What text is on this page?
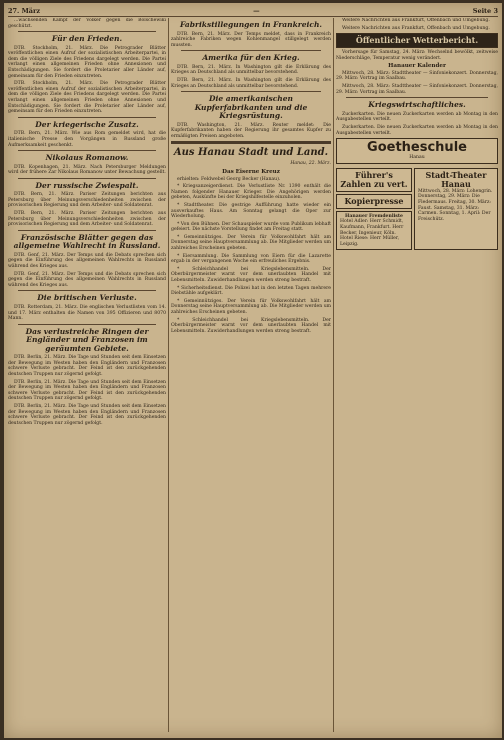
27. März	—	Seite 3

...wachsenden Kampf der Völker gegen die Bolschewiki geschützt.

Für den Frieden.

DTB. Stockholm, 21. März. Die Petrograder Blätter veröffentlichen einen Aufruf der sozialistischen Arbeiterpartei, in dem die völligen Ziele des Friedens dargelegt werden. Die Partei verlangt einen allgemeinen Frieden ohne Annexionen und Entschädigungen. Sie fordert die Proletarier aller Länder auf, gemeinsam für den Frieden einzutreten.

DTB. Stockholm, 21. März. Die Petrograder Blätter veröffentlichen einen Aufruf der sozialistischen Arbeiterpartei, in dem die völligen Ziele des Friedens dargelegt werden. Die Partei verlangt einen allgemeinen Frieden ohne Annexionen und Entschädigungen. Sie fordert die Proletarier aller Länder auf, gemeinsam für den Frieden einzutreten.

Der kriegerische Zusatz.

DTB. Bern, 21. März. Wie aus Rom gemeldet wird, hat die italienische Presse den Vorgängen in Russland große Aufmerksamkeit geschenkt.

Nikolaus Romanow.

DTB. Kopenhagen, 21. März. Nach Petersburger Meldungen wird der frühere Zar Nikolaus Romanow unter Bewachung gestellt.

Der russische Zwiespalt.

DTB. Bern, 21. März. Pariser Zeitungen berichten aus Petersburg über Meinungsverschiedenheiten zwischen der provisorischen Regierung und dem Arbeiter- und Soldatenrat.

DTB. Bern, 21. März. Pariser Zeitungen berichten aus Petersburg über Meinungsverschiedenheiten zwischen der provisorischen Regierung und dem Arbeiter- und Soldatenrat.

Französische Blätter gegen das allgemeine Wahlrecht in Russland.

DTB. Genf, 21. März. Der Temps und die Debats sprechen sich gegen die Einführung des allgemeinen Wahlrechts in Russland während des Krieges aus.

DTB. Genf, 21. März. Der Temps und die Debats sprechen sich gegen die Einführung des allgemeinen Wahlrechts in Russland während des Krieges aus.

Die britischen Verluste.

DTB. Rotterdam, 21. März. Die englischen Verlustlisten vom 14. und 17. März enthalten die Namen von 395 Offizieren und 8070 Mann.

Das verlustreiche Ringen der Engländer und Franzosen im geräumten Gebiete.

DTB. Berlin, 21. März. Die Tage und Stunden seit dem Einsetzen der Bewegung im Westen haben den Engländern und Franzosen schwere Verluste gebracht. Der Feind ist den zurückgehenden deutschen Truppen nur zögernd gefolgt.

DTB. Berlin, 21. März. Die Tage und Stunden seit dem Einsetzen der Bewegung im Westen haben den Engländern und Franzosen schwere Verluste gebracht. Der Feind ist den zurückgehenden deutschen Truppen nur zögernd gefolgt.

DTB. Berlin, 21. März. Die Tage und Stunden seit dem Einsetzen der Bewegung im Westen haben den Engländern und Franzosen schwere Verluste gebracht. Der Feind ist den zurückgehenden deutschen Truppen nur zögernd gefolgt.

Fabrikstillegungen in Frankreich.

DTB. Bern, 21. März. Der Temps meldet, dass in Frankreich zahlreiche Fabriken wegen Kohlenmangel stillgelegt werden mussten.

Amerika für den Krieg.

DTB. Bern, 21. März. In Washington gilt die Erklärung des Krieges an Deutschland als unmittelbar bevorstehend.

DTB. Bern, 21. März. In Washington gilt die Erklärung des Krieges an Deutschland als unmittelbar bevorstehend.

Die amerikanischen Kupferfabrikanten und die Kriegsrüstung.

DTB. Washington, 21. März. Reuter meldet: Die Kupferfabrikanten haben der Regierung ihr gesamtes Kupfer zu ermäßigten Preisen angeboten.

Aus Hanau Stadt und Land.
Hanau, 22. März.
Das Eiserne Kreuz

erhielten: Feldwebel Georg Becker (Hanau).

* Kriegsanzeigerdienst. Die Verlustliste Nr. 1390 enthält die Namen folgender Hanauer Krieger. Die Angehörigen werden gebeten, Auskünfte bei der Kriegshilfestelle einzuholen.

* Stadttheater. Die gestrige Aufführung hatte wieder ein ausverkauftes Haus. Am Sonntag gelangt die Oper zur Wiederholung.

* Von den Bühnen. Der Schauspieler wurde vom Publikum lebhaft gefeiert. Die nächste Vorstellung findet am Freitag statt.

* Gemeinnütziges. Der Verein für Volkswohlfahrt hält am Donnerstag seine Hauptversammlung ab. Die Mitglieder werden um zahlreiches Erscheinen gebeten.

* Eiersammlung. Die Sammlung von Eiern für die Lazarette ergab in der vergangenen Woche ein erfreuliches Ergebnis.

* Schleichhandel bei Kriegslebensmitteln. Der Oberbürgermeister warnt vor dem unerlaubten Handel mit Lebensmitteln. Zuwiderhandlungen werden streng bestraft.

* Sicherheitsdienst. Die Polizei hat in den letzten Tagen mehrere Diebstähle aufgeklärt.

* Gemeinnütziges. Der Verein für Volkswohlfahrt hält am Donnerstag seine Hauptversammlung ab. Die Mitglieder werden um zahlreiches Erscheinen gebeten.

* Schleichhandel bei Kriegslebensmitteln. Der Oberbürgermeister warnt vor dem unerlaubten Handel mit Lebensmitteln. Zuwiderhandlungen werden streng bestraft.

Weitere Nachrichten aus Frankfurt, Offenbach und Umgebung.

Weitere Nachrichten aus Frankfurt, Offenbach und Umgebung.

Öffentlicher Wetterbericht.

Vorhersage für Samstag, 24. März: Wechselnd bewölkt, zeitweise Niederschläge, Temperatur wenig verändert.

Hanauer Kalender

Mittwoch, 28. März: Stadttheater — Sinfoniekonzert. Donnerstag, 29. März: Vortrag im Saalbau.

Mittwoch, 28. März: Stadttheater — Sinfoniekonzert. Donnerstag, 29. März: Vortrag im Saalbau.

Kriegswirtschaftliches.

Zuckerkarten. Die neuen Zuckerkarten werden ab Montag in den Ausgabestellen verteilt.

Zuckerkarten. Die neuen Zuckerkarten werden ab Montag in den Ausgabestellen verteilt.

Goetheschule
Hanau
Führer's Zahlen zu vert.
Kopierpresse
Hanauer Fremdenliste
Hotel Adler: Herr Schmidt, Kaufmann, Frankfurt. Herr Becker, Ingenieur, Köln. Hotel Riese: Herr Müller, Leipzig.
Stadt-Theater Hanau
Mittwoch, 28. März: Lohengrin. Donnerstag, 29. März: Die Fledermaus. Freitag, 30. März: Faust. Samstag, 31. März: Carmen. Sonntag, 1. April: Der Freischütz.
